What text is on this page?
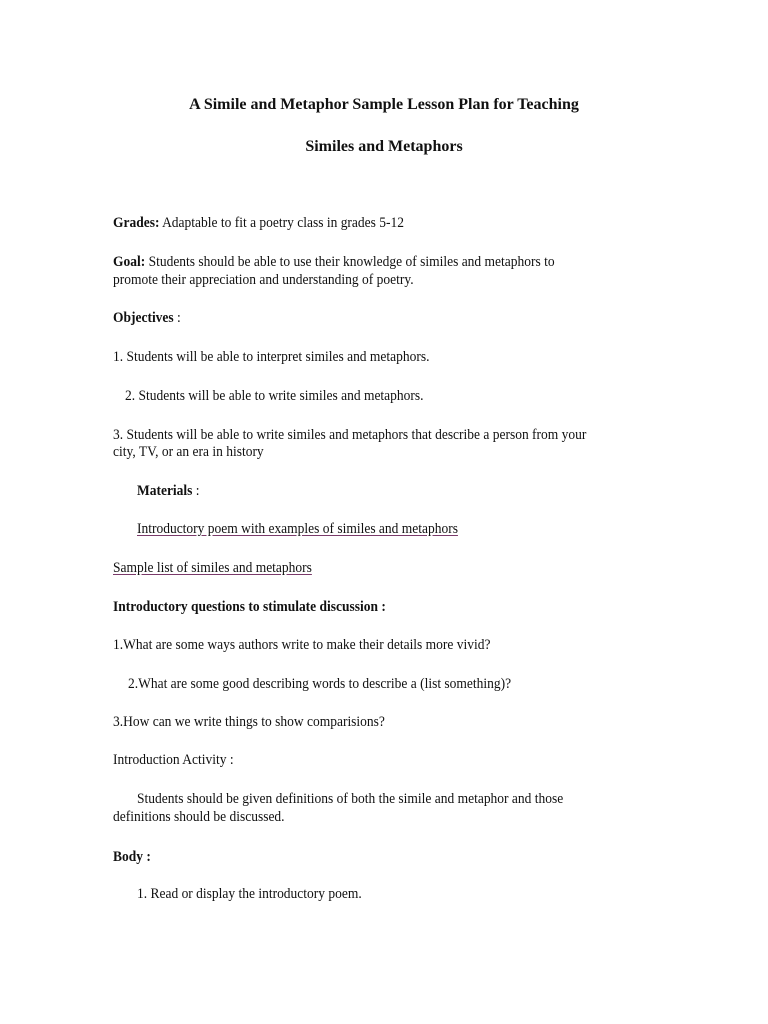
A Simile and Metaphor Sample Lesson Plan for Teaching
Similes and Metaphors
Grades: Adaptable to fit a poetry class in grades 5-12
Goal: Students should be able to use their knowledge of similes and metaphors to
promote their appreciation and understanding of poetry.
Objectives :
1. Students will be able to interpret similes and metaphors.
2. Students will be able to write similes and metaphors.
3. Students will be able to write similes and metaphors that describe a person from your
city, TV, or an era in history
Materials :
Introductory poem with examples of similes and metaphors
Sample list of similes and metaphors
Introductory questions to stimulate discussion :
1.What are some ways authors write to make their details more vivid?
2.What are some good describing words to describe a (list something)?
3.How can we write things to show comparisions?
Introduction Activity :
Students should be given definitions of both the simile and metaphor and those
definitions should be discussed.
Body :
1. Read or display the introductory poem.
